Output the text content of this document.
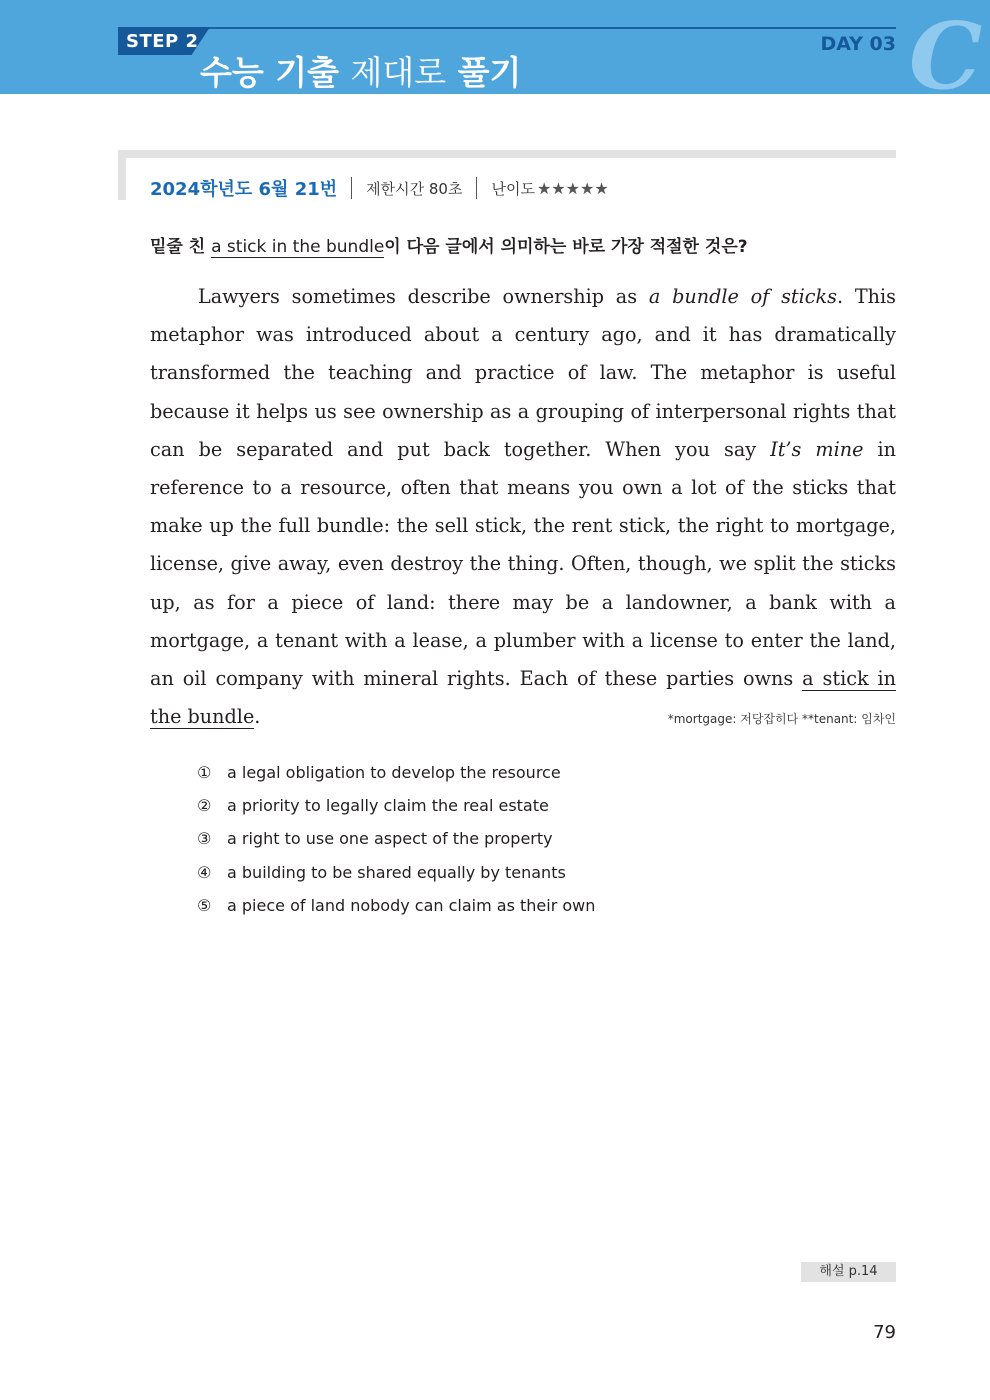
STEP 2
수능 기출 제대로 풀기
DAY 03 C
2024학년도 6월 21번 제한시간 80초 난이도 ★★★★★
밑줄 친 a stick in the bundle이 다음 글에서 의미하는 바로 가장 적절한 것은?
Lawyers sometimes describe ownership as a bundle of sticks. This metaphor was introduced about a century ago, and it has dramatically transformed the teaching and practice of law. The metaphor is useful because it helps us see ownership as a grouping of interpersonal rights that can be separated and put back together. When you say It’s mine in reference to a resource, often that means you own a lot of the sticks that make up the full bundle: the sell stick, the rent stick, the right to mortgage, license, give away, even destroy the thing. Often, though, we split the sticks up, as for a piece of land: there may be a landowner, a bank with a mortgage, a tenant with a lease, a plumber with a license to enter the land, an oil company with mineral rights. Each of these parties owns a stick in the bundle.	*mortgage: 저당잡히다 **tenant: 임차인
① a legal obligation to develop the resource
② a priority to legally claim the real estate
③ a right to use one aspect of the property
④ a building to be shared equally by tenants
⑤ a piece of land nobody can claim as their own
해설 p.14
79
